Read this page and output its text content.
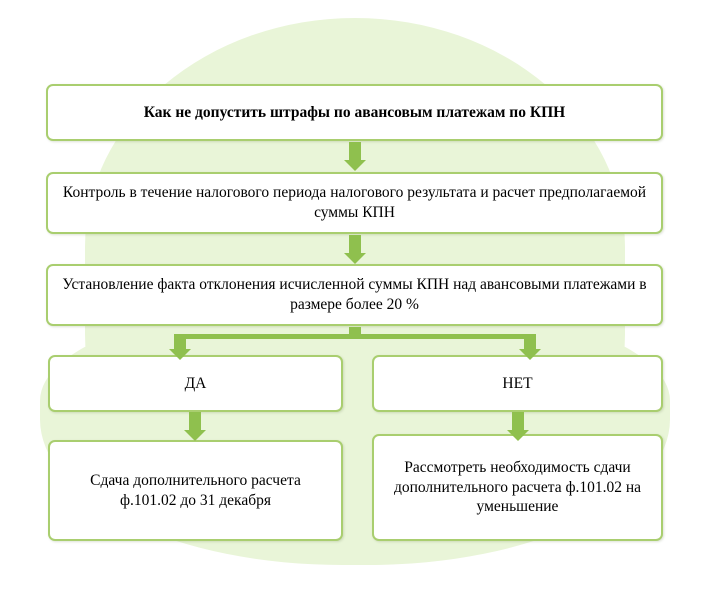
Как не допустить штрафы по авансовым платежам по КПН
Контроль в течение налогового периода налогового результата и расчет предполагаемой суммы КПН
Установление факта отклонения исчисленной суммы КПН над авансовыми платежами в размере более 20 %
ДА	НЕТ
Сдача дополнительного расчета ф.101.02 до 31 декабря
Рассмотреть необходимость сдачи дополнительного расчета ф.101.02 на уменьшение
